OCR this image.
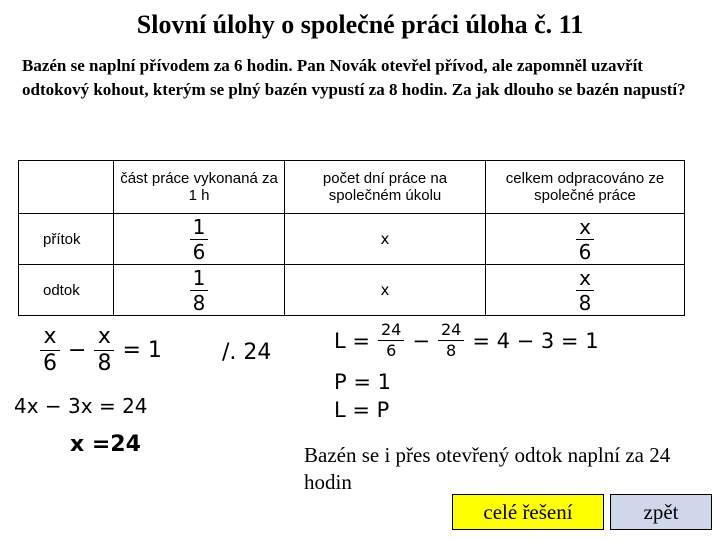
Slovní úlohy o společné práci úloha č. 11
Bazén se naplní přívodem za 6 hodin. Pan Novák otevřel přívod, ale zapomněl uzavřít odtokový kohout, kterým se plný bazén vypustí za 8 hodin. Za jak dlouho se bazén napustí?
	část práce vykonaná za 1 h	počet dní práce na společném úkolu	celkem odpracováno ze společné práce
přítok	$\frac{1}{6}$	x	$\frac{x}{6}$

odtok	$\frac{1}{8}$	x	$\frac{x}{8}$
$\frac{x}{6} - \frac{x}{8} = 1$	/. 24
4x − 3x = 24
x =24
$L = \frac{24}{6} - \frac{24}{8} = 4 - 3 = 1$
P = 1
L = P
Bazén se i přes otevřený odtok naplní za 24 hodin
celé řešení	zpět
